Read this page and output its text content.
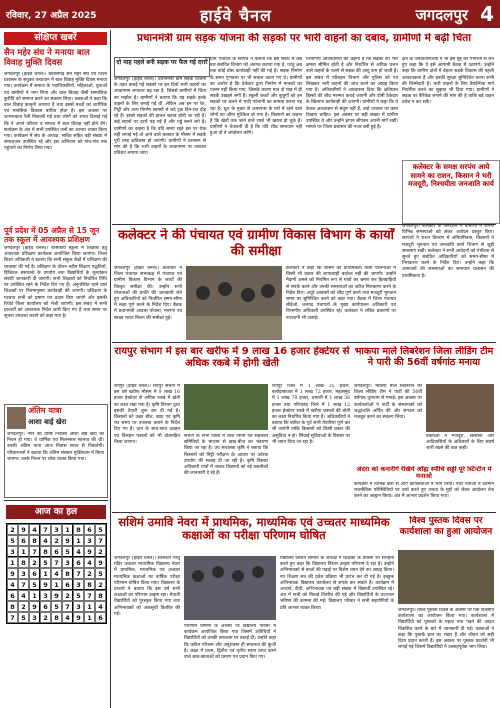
रविवार, 27 अप्रैल 2025	हाईवे चैनल	जगदलपुर 4
संक्षिप्त खबरें
सैन महेर संघ ने मनाया बाल विवाह मुक्ति दिवस
जगदलपुर (हाईवे चैनल)। छत्तीसगढ़ सैन महेर संघ एवं जिला प्रशासन के संयुक्त तत्वाधान में बाल विवाह मुक्ति दिवस मनाया गया। कार्यक्रम में समाज के पदाधिकारियों, महिलाओं, युवाओं एवं ग्रामीणों ने भाग लिया और बाल विवाह जैसी सामाजिक कुरीति को समाप्त करने का संकल्प लिया। वक्ताओं ने कहा कि बाल विवाह कानूनी अपराध है तथा इससे बच्चों का शारीरिक एवं मानसिक विकास बाधित होता है। इस अवसर पर जागरूकता रैली निकाली गई तथा लोगों को शपथ दिलाई गई कि वे अपने परिवार व समाज में बाल विवाह नहीं होने देंगे। कार्यक्रम के अंत में सभी उपस्थित जनों का आभार व्यक्त किया गया। कार्यक्रम में संघ के अध्यक्ष, सचिव सहित बड़ी संख्या में समाजजन उपस्थित रहे और इस अभियान को गांव-गांव तक पहुंचाने का निर्णय लिया गया।
पूर्व प्रदेश में 05 अप्रैल से 15 जून तक स्कूल में आवश्यक प्रशिक्षण
जगदलपुर (हाईवे चैनल)। शासकीय स्कूलों में शिक्षकों हेतु आवश्यक प्रशिक्षण कार्यक्रम आयोजित किया जाएगा। जिला शिक्षा अधिकारी ने बताया कि सभी संकुल केंद्रों में प्रशिक्षण की व्यवस्था की गई है। प्रशिक्षण के दौरान नवीन शिक्षण पद्धतियों, डिजिटल संसाधनों के उपयोग तथा विद्यार्थियों के मूल्यांकन संबंधी जानकारी दी जाएगी। सभी शिक्षकों को निर्धारित तिथि पर उपस्थित रहने के निर्देश दिए गए हैं। अनुपस्थित रहने वाले शिक्षकों पर नियमानुसार कार्यवाही की जाएगी। प्रशिक्षण के पश्चात सभी को प्रमाण पत्र प्रदान किए जाएंगे और इसकी रिपोर्ट जिला कार्यालय को भेजी जाएगी। इस संबंध में सभी प्राचार्यों को आवश्यक निर्देश जारी किए गए हैं तथा समय पर सूचना उपलब्ध कराने को कहा गया है।
अंतिम यात्रा
आशा बाई खेरा
जगदलपुर। नगर की वरिष्ठ निवासी आशा बाई खेरा का निधन हो गया। वे धार्मिक एवं मिलनसार स्वभाव की थीं। उनकी अंतिम यात्रा आज निवास स्थान से निकलेगी। परिवारजनों ने बताया कि अंतिम संस्कार मुक्तिधाम में किया जाएगा। उनके निधन पर शोक व्यक्त किया गया।
आज का हल
2 9 4 7 3 1 8 6 5
5 6 8 4 2 9 1 3 7
3 1 7 8 6 5 4 9 2
1 8 2 5 7 3 6 4 9
9 3 6 1 4 8 7 2 5
4 7 5 9 1 6 3 8 2
6 4 1 3 9 2 5 7 8
8 2 9 6 5 7 3 1 4
7 5 3 2 8 4 9 1 6
प्रधानमंत्री ग्राम सड़क योजना की सड़कों पर भारी वाहनों का दबाव, ग्रामीणों में बढ़ी चिंता
दो माह पहले बनी सड़क पर फैल गई दरारें
जगदलपुर (हाईवे चैनल)। प्रधानमंत्री ग्राम सड़क योजना के तहत बनाई गई सड़कों पर इन दिनों भारी वाहनों का आवागमन लगातार बढ़ रहा है, जिससे ग्रामीणों में चिंता का माहौल है। ग्रामीणों ने बताया कि यह सड़कें हल्के वाहनों के लिए बनाई गई थीं, लेकिन अब इन पर रेत, गिट्टी और अन्य निर्माण सामग्री से लदे ट्रक दिन-रात दौड़ रहे हैं। इससे सड़कों की हालत खराब होती जा रही है। कई स्थानों पर दरारें पड़ गई हैं और गड्ढे बनने लगे हैं। ग्रामीणों का कहना है कि यदि समय रहते इस पर रोक नहीं लगाई गई तो आने वाले बरसात के मौसम में सड़कें पूरी तरह क्षतिग्रस्त हो जाएंगी। ग्रामीणों ने प्रशासन से मांग की है कि भारी वाहनों के आवागमन पर तत्काल प्रतिबंध लगाया जाए।
ग्राम पंचायत के सरपंच ने बताया कि इस संबंध में कई बार संबंधित विभाग को अवगत कराया गया है, परंतु अब तक कोई ठोस कार्यवाही नहीं की गई है। सड़क निर्माण के समय गुणवत्ता पर भी सवाल उठाए गए थे। ग्रामीणों का आरोप है कि ठेकेदार द्वारा निर्माण में मानकों का पालन नहीं किया गया, जिसके कारण मात्र दो माह में ही सड़कें उखड़ने लगी हैं। स्कूली बच्चों और बुजुर्गों को इन सड़कों पर चलने में भारी परेशानी का सामना करना पड़ रहा है। धूल के गुबार से आसपास के घरों में रहने वाले लोगों का जीना मुश्किल हो गया है। किसानों का कहना है कि खेतों तक जाने वाले रास्ते भी खराब हो चुके हैं। ग्रामीणों ने चेतावनी दी है कि यदि शीघ्र समाधान नहीं हुआ तो वे आंदोलन करेंगे।
विभागीय अधिकारियों का कहना है कि सड़कों की भार क्षमता सीमित होती है और निर्धारित से अधिक वजन वाले वाहनों के चलने से सड़क की आयु कम हो जाती है। इस संबंध में परिवहन विभाग और पुलिस को पत्र लिखकर भारी वाहनों की जांच करने का आग्रह किया गया है। अधिकारियों ने आश्वासन दिया कि क्षतिग्रस्त हिस्सों की शीघ्र मरम्मत कराई जाएगी और दोषी ठेकेदार के खिलाफ कार्यवाही की जाएगी। ग्रामीणों ने कहा कि वे केवल आश्वासन से संतुष्ट नहीं हैं, उन्हें धरातल पर काम दिखना चाहिए। इस अवसर पर बड़ी संख्या में ग्रामीण उपस्थित थे और उन्होंने ज्ञापन सौंपकर अपनी मांगें रखीं। मामले पर जिला प्रशासन की नजर बनी हुई है।
क्षेत्र के जनप्रतिनिधियों ने भी इस मुद्दे को गंभीरता से लेते हुए कहा कि वे इसे आगामी बैठक में उठाएंगे। उन्होंने कहा कि ग्रामीण क्षेत्रों में बेहतर सड़कें विकास की पहली आवश्यकता हैं और इनकी सुरक्षा सुनिश्चित करना सभी की जिम्मेदारी है। भारी वाहनों के लिए वैकल्पिक मार्ग निर्धारित करने का सुझाव भी दिया गया। ग्रामीणों ने सड़क पर बैरिकेड लगाने की मांग की है ताकि बड़े वाहन प्रवेश न कर सकें।
कलेक्टर के समक्ष सरपंच आये सामने का राशन, किसान ने भरी मजदूरी, निश्चयीता जनजाति कार्य
कलेक्टर ने की पंचायत एवं ग्रामीण विकास विभाग के कार्यों की समीक्षा
जगदलपुर (हाईवे चैनल)। कलेक्टर ने जिला पंचायत सभाकक्ष में पंचायत एवं ग्रामीण विकास विभाग के कार्यों की विस्तृत समीक्षा की। उन्होंने सभी योजनाओं की प्रगति की जानकारी लेते हुए अधिकारियों को निर्धारित समय-सीमा में लक्ष्य पूर्ण करने के निर्देश दिए। बैठक में प्रधानमंत्री आवास योजना, मनरेगा एवं स्वच्छ भारत मिशन की समीक्षा हुई।
कलेक्टर ने कहा कि शासन की प्राथमिकता वाली योजनाओं में किसी भी प्रकार की लापरवाही बर्दाश्त नहीं की जाएगी। उन्होंने मैदानी अमले को नियमित रूप से गांवों का भ्रमण कर हितग्राहियों से संपर्क करने और उनकी समस्याओं का त्वरित निराकरण करने के निर्देश दिए। अधूरे आवासों को शीघ्र पूर्ण करने तथा मजदूरी भुगतान समय पर सुनिश्चित करने को कहा गया। बैठक में जिला पंचायत सीईओ, जनपद पंचायतों के मुख्य कार्यपालन अधिकारी एवं विभागीय अधिकारी उपस्थित रहे। कलेक्टर ने लंबित प्रकरणों पर नाराजगी भी जताई।
जगदलपुर। कलेक्टर के जनदर्शन में ग्रामीणों ने अपनी विभिन्न समस्याओं को लेकर आवेदन प्रस्तुत किए। सरपंचों ने राशन वितरण में अनियमितता, किसानों ने मजदूरी भुगतान एवं जनजाति कार्य विभाग से जुड़ी समस्याएं रखीं। कलेक्टर ने सभी आवेदनों को गंभीरता से सुनते हुए संबंधित अधिकारियों को समय-सीमा में निराकरण करने के निर्देश दिए। उन्होंने कहा कि आमजनों की समस्याओं का समाधान प्रशासन की प्राथमिकता है।
रायपुर संभाग में इस बार खरीफ में 9 लाख 16 हजार हेक्टेयर से अधिक रकबे में होगी खेती
रायपुर (हाईवे चैनल)। रायपुर संभाग में इस वर्ष खरीफ मौसम में 9 लाख 16 हजार हेक्टेयर से अधिक रकबे में खेती का लक्ष्य रखा गया है। कृषि विभाग द्वारा इसकी तैयारी शुरू कर दी गई है। किसानों को उन्नत बीज, खाद एवं कृषि यंत्र समय पर उपलब्ध कराने के निर्देश दिए गए हैं। धान के साथ-साथ दलहन एवं तिलहन फसलों को भी प्रोत्साहित किया जाएगा।
संभाग के सभी जिलों में बीज निगम एवं सहकारी समितियों के माध्यम से खाद-बीज का भंडारण किया जा रहा है। उप संचालक कृषि ने बताया कि किसानों को मिट्टी परीक्षण के आधार पर उर्वरक उपयोग की सलाह दी जा रही है। कृषि विस्तार अधिकारी गांवों में जाकर किसानों को नई तकनीकों की जानकारी दे रहे हैं।
रायपुर जिले में 1 लाख 35 हजार, बलौदाबाजार में 1 लाख 72 हजार, महासमुंद में 1 लाख 78 हजार, धमतरी में 1 लाख 38 हजार तथा गरियाबंद जिले में 1 लाख 12 हजार हेक्टेयर रकबे में खरीफ फसलों की बोनी का लक्ष्य निर्धारित किया गया है। अधिकारियों ने बताया कि बारिश के पूर्व सभी तैयारियां पूर्ण कर ली जाएंगी ताकि किसानों को किसी प्रकार की असुविधा न हो। सिंचाई सुविधाओं के विस्तार पर भी ध्यान दिया जा रहा है।
भाकपा माले लिबरेशन जिला लीडिंग टीम ने पारी की 56वीं वर्षगांठ मनाया
जगदलपुर। भाकपा माले लिबरेशन की जिला लीडिंग टीम ने पार्टी की 56वीं वर्षगांठ धूमधाम से मनाई। इस अवसर पर कार्यकर्ताओं ने पार्टी के संस्थापकों को श्रद्धांजलि अर्पित की और संगठन को मजबूत करने का संकल्प लिया।
वक्ताओं ने मजदूरों, किसानों और आदिवासियों के अधिकारों के लिए संघर्ष जारी रखने की बात कही।
अंदरा को कनारीगे रेखिये आँह्म स्पौचि सड्डी पूरे स्टिन्टीन में मनाओ
कार्यक्रम में विभिन्न क्षेत्रों से आए कार्यकर्ताओं ने भाग लिया। पार्टी नेताओं ने वर्तमान राजनीतिक परिस्थितियों पर चर्चा करते हुए जनता के मुद्दों को लेकर आंदोलन तेज करने का आह्वान किया। अंत में आभार प्रदर्शन किया गया।
सशिमं उमावि नेवरा में प्राथमिक, माध्यमिक एवं उच्चतर माध्यमिक कक्षाओं का परीक्षा परिणाम घोषित
जगदलपुर (हाईवे चैनल)। सरस्वती शिशु मंदिर उच्चतर माध्यमिक विद्यालय नेवरा में प्राथमिक, माध्यमिक एवं उच्चतर माध्यमिक कक्षाओं का वार्षिक परीक्षा परिणाम घोषित किया गया। विद्यालय के प्राचार्य ने बताया कि इस वर्ष सभी कक्षाओं का परिणाम उत्कृष्ट रहा। मेधावी विद्यार्थियों को पुरस्कृत किया गया तथा अभिभावकों को अंकसूची वितरित की गई।
परिणाम घोषणा के अवसर पर विद्यालय परिसर में कार्यक्रम आयोजित किया गया जिसमें अतिथियों ने विद्यार्थियों को उनकी सफलता पर बधाई दी। उन्होंने कहा कि कठिन परिश्रम और अनुशासन ही सफलता की कुंजी है। कक्षा में प्रथम, द्वितीय एवं तृतीय स्थान प्राप्त करने वाले छात्र-छात्राओं को प्रमाण पत्र प्रदान किए गए।
विद्यालय प्रबंधन समिति के अध्यक्ष ने शिक्षकों के प्रयासों की सराहना करते हुए कहा कि विद्यालय निरंतर उत्कृष्ट परिणाम दे रहा है। उन्होंने अभिभावकों से बच्चों की पढ़ाई पर विशेष ध्यान देने का आग्रह किया। नए शिक्षण सत्र की प्रवेश प्रक्रिया भी प्रारंभ कर दी गई है। इच्छुक अभिभावक विद्यालय कार्यालय से संपर्क कर सकते हैं। कार्यक्रम में आचार्य, दीदी, अभिभावक एवं बड़ी संख्या में विद्यार्थी उपस्थित रहे। अंत में सभी को मिठाई वितरित की गई और विद्यार्थियों के उज्ज्वल भविष्य की कामना की गई। विद्यालय परिवार ने सभी सहयोगियों के प्रति आभार व्यक्त किया।
विश्व पुस्तक दिवस पर कार्यशाला का हुआ आयोजन
जगदलपुर। विश्व पुस्तक दिवस के अवसर पर एक दिवसीय कार्यशाला का आयोजन किया गया। कार्यशाला में विद्यार्थियों को पुस्तकों के महत्व तथा पढ़ने की आदत विकसित करने के बारे में जानकारी दी गई। वक्ताओं ने कहा कि पुस्तकें ज्ञान का भंडार हैं और जीवन को सही दिशा प्रदान करती हैं। इस अवसर पर पुस्तक प्रदर्शनी भी लगाई गई जिसमें विद्यार्थियों ने उत्साहपूर्वक भाग लिया।
